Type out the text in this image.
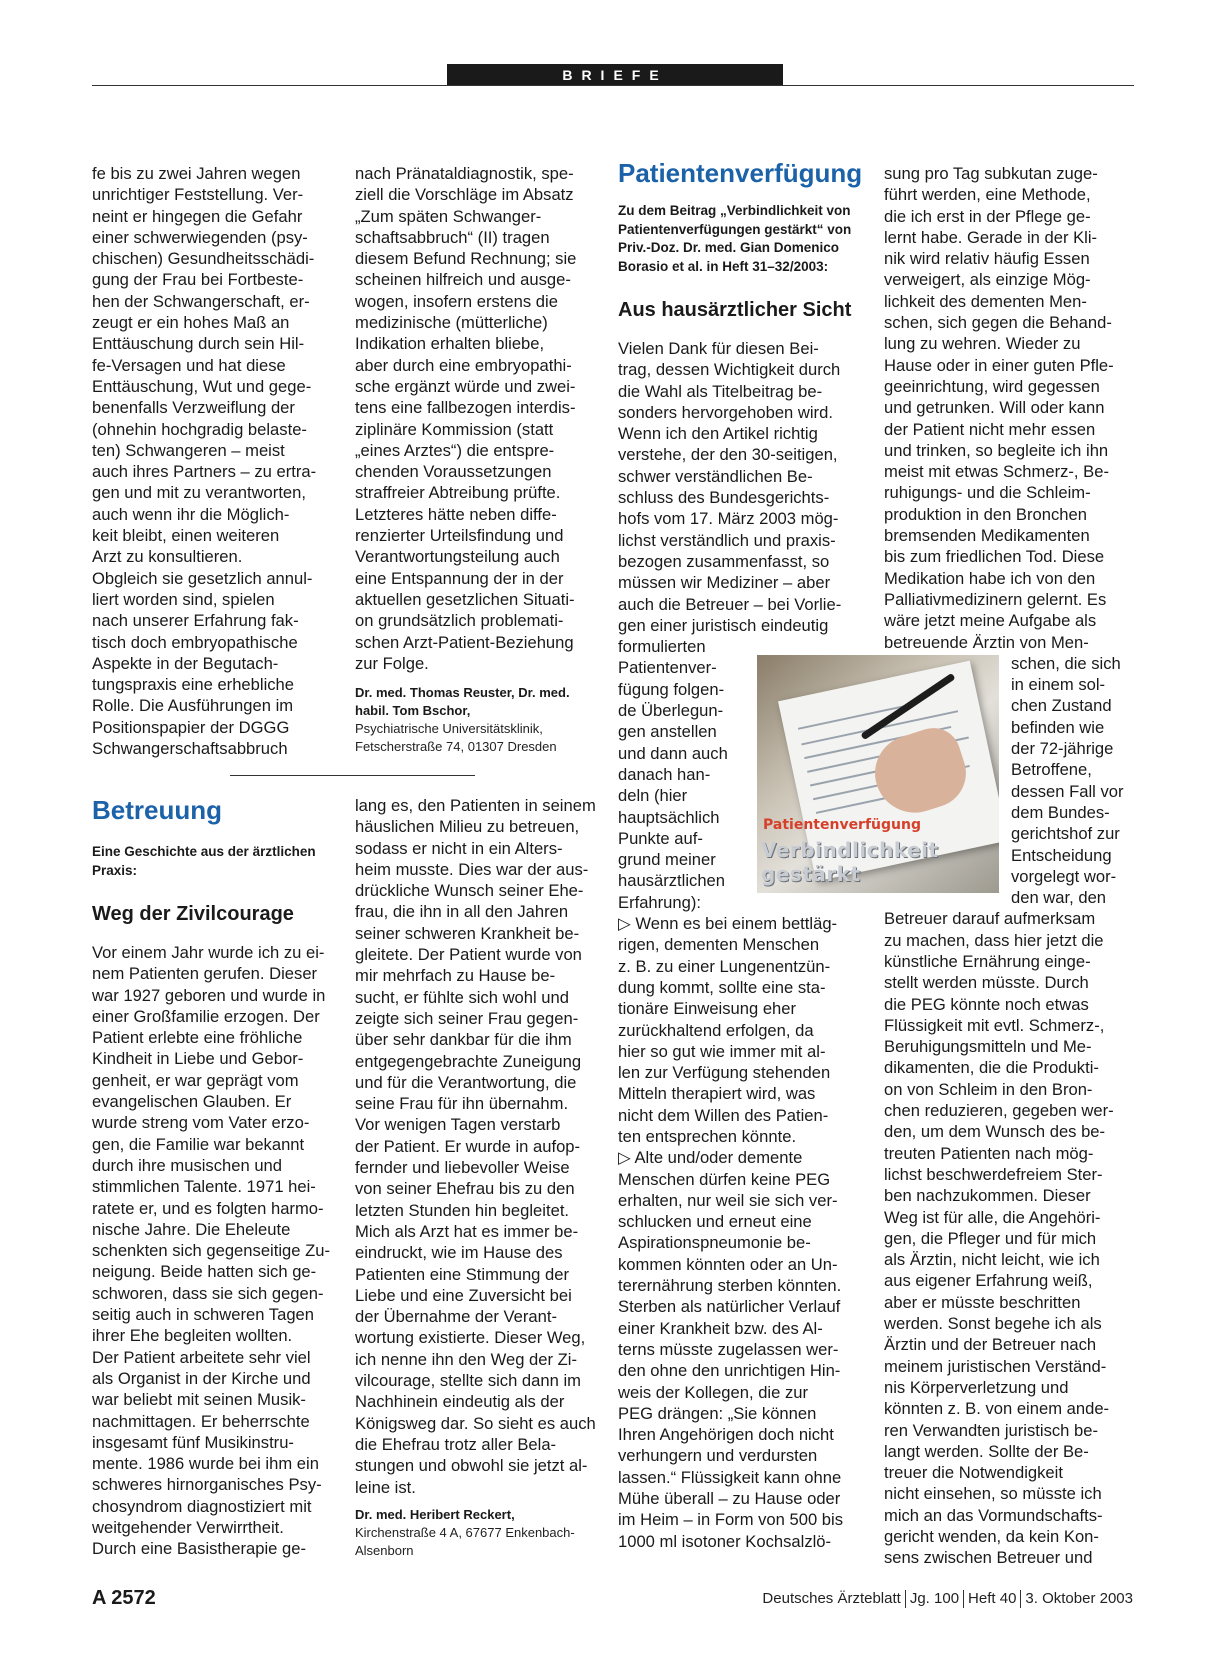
BRIEFE

fe bis zu zwei Jahren wegen
unrichtiger Feststellung. Ver-
neint er hingegen die Gefahr
einer schwerwiegenden (psy-
chischen) Gesundheitsschädi-
gung der Frau bei Fortbeste-
hen der Schwangerschaft, er-
zeugt er ein hohes Maß an
Enttäuschung durch sein Hil-
fe-Versagen und hat diese
Enttäuschung, Wut und gege-
benenfalls Verzweiflung der
(ohnehin hochgradig belaste-
ten) Schwangeren – meist
auch ihres Partners – zu ertra-
gen und mit zu verantworten,
auch wenn ihr die Möglich-
keit bleibt, einen weiteren
Arzt zu konsultieren.
Obgleich sie gesetzlich annul-
liert worden sind, spielen
nach unserer Erfahrung fak-
tisch doch embryopathische
Aspekte in der Begutach-
tungspraxis eine erhebliche
Rolle. Die Ausführungen im
Positionspapier der DGGG
Schwangerschaftsabbruch

nach Pränataldiagnostik, spe-
ziell die Vorschläge im Absatz
„Zum späten Schwanger-
schaftsabbruch“ (II) tragen
diesem Befund Rechnung; sie
scheinen hilfreich und ausge-
wogen, insofern erstens die
medizinische (mütterliche)
Indikation erhalten bliebe,
aber durch eine embryopathi-
sche ergänzt würde und zwei-
tens eine fallbezogen interdis-
ziplinäre Kommission (statt
„eines Arztes“) die entspre-
chenden Voraussetzungen
straffreier Abtreibung prüfte.
Letzteres hätte neben diffe-
renzierter Urteilsfindung und
Verantwortungsteilung auch
eine Entspannung der in der
aktuellen gesetzlichen Situati-
on grundsätzlich problemati-
schen Arzt-Patient-Beziehung
zur Folge.

Dr. med. Thomas Reuster, Dr. med.
habil. Tom Bschor,

Psychiatrische Universitätsklinik,
Fetscherstraße 74, 01307 Dresden

Betreuung

Eine Geschichte aus der ärztlichen
Praxis:

Weg der Zivilcourage

Vor einem Jahr wurde ich zu ei-
nem Patienten gerufen. Dieser
war 1927 geboren und wurde in
einer Großfamilie erzogen. Der
Patient erlebte eine fröhliche
Kindheit in Liebe und Gebor-
genheit, er war geprägt vom
evangelischen Glauben. Er
wurde streng vom Vater erzo-
gen, die Familie war bekannt
durch ihre musischen und
stimmlichen Talente. 1971 hei-
ratete er, und es folgten harmo-
nische Jahre. Die Eheleute
schenkten sich gegenseitige Zu-
neigung. Beide hatten sich ge-
schworen, dass sie sich gegen-
seitig auch in schweren Tagen
ihrer Ehe begleiten wollten.
Der Patient arbeitete sehr viel
als Organist in der Kirche und
war beliebt mit seinen Musik-
nachmittagen. Er beherrschte
insgesamt fünf Musikinstru-
mente. 1986 wurde bei ihm ein
schweres hirnorganisches Psy-
chosyndrom diagnostiziert mit
weitgehender Verwirrtheit.
Durch eine Basistherapie ge-

lang es, den Patienten in seinem
häuslichen Milieu zu betreuen,
sodass er nicht in ein Alters-
heim musste. Dies war der aus-
drückliche Wunsch seiner Ehe-
frau, die ihn in all den Jahren
seiner schweren Krankheit be-
gleitete. Der Patient wurde von
mir mehrfach zu Hause be-
sucht, er fühlte sich wohl und
zeigte sich seiner Frau gegen-
über sehr dankbar für die ihm
entgegengebrachte Zuneigung
und für die Verantwortung, die
seine Frau für ihn übernahm.
Vor wenigen Tagen verstarb
der Patient. Er wurde in aufop-
fernder und liebevoller Weise
von seiner Ehefrau bis zu den
letzten Stunden hin begleitet.
Mich als Arzt hat es immer be-
eindruckt, wie im Hause des
Patienten eine Stimmung der
Liebe und eine Zuversicht bei
der Übernahme der Verant-
wortung existierte. Dieser Weg,
ich nenne ihn den Weg der Zi-
vilcourage, stellte sich dann im
Nachhinein eindeutig als der
Königsweg dar. So sieht es auch
die Ehefrau trotz aller Bela-
stungen und obwohl sie jetzt al-
leine ist.

Dr. med. Heribert Reckert,

Kirchenstraße 4 A, 67677 Enkenbach-
Alsenborn

Patientenverfügung

Zu dem Beitrag „Verbindlichkeit von
Patientenverfügungen gestärkt“ von
Priv.-Doz. Dr. med. Gian Domenico
Borasio et al. in Heft 31–32/2003:

Aus hausärztlicher Sicht

Vielen Dank für diesen Bei-
trag, dessen Wichtigkeit durch
die Wahl als Titelbeitrag be-
sonders hervorgehoben wird.
Wenn ich den Artikel richtig
verstehe, der den 30-seitigen,
schwer verständlichen Be-
schluss des Bundesgerichts-
hofs vom 17. März 2003 mög-
lichst verständlich und praxis-
bezogen zusammenfasst, so
müssen wir Mediziner – aber
auch die Betreuer – bei Vorlie-
gen einer juristisch eindeutig

formulierten
Patientenver-
fügung folgen-
de Überlegun-
gen anstellen
und dann auch
danach han-
deln (hier
hauptsächlich
Punkte auf-
grund meiner
hausärztlichen
Erfahrung):

▷ Wenn es bei einem bettläg-
rigen, dementen Menschen
z. B. zu einer Lungenentzün-
dung kommt, sollte eine sta-
tionäre Einweisung eher
zurückhaltend erfolgen, da
hier so gut wie immer mit al-
len zur Verfügung stehenden
Mitteln therapiert wird, was
nicht dem Willen des Patien-
ten entsprechen könnte.
▷ Alte und/oder demente
Menschen dürfen keine PEG
erhalten, nur weil sie sich ver-
schlucken und erneut eine
Aspirationspneumonie be-
kommen könnten oder an Un-
terernährung sterben könnten.
Sterben als natürlicher Verlauf
einer Krankheit bzw. des Al-
terns müsste zugelassen wer-
den ohne den unrichtigen Hin-
weis der Kollegen, die zur
PEG drängen: „Sie können
Ihren Angehörigen doch nicht
verhungern und verdursten
lassen.“ Flüssigkeit kann ohne
Mühe überall – zu Hause oder
im Heim – in Form von 500 bis
1000 ml isotoner Kochsalzlö-

Patientenverfügung
Verbindlichkeit gestärkt

sung pro Tag subkutan zuge-
führt werden, eine Methode,
die ich erst in der Pflege ge-
lernt habe. Gerade in der Kli-
nik wird relativ häufig Essen
verweigert, als einzige Mög-
lichkeit des dementen Men-
schen, sich gegen die Behand-
lung zu wehren. Wieder zu
Hause oder in einer guten Pfle-
geeinrichtung, wird gegessen
und getrunken. Will oder kann
der Patient nicht mehr essen
und trinken, so begleite ich ihn
meist mit etwas Schmerz-, Be-
ruhigungs- und die Schleim-
produktion in den Bronchen
bremsenden Medikamenten
bis zum friedlichen Tod. Diese
Medikation habe ich von den
Palliativmedizinern gelernt. Es
wäre jetzt meine Aufgabe als
betreuende Ärztin von Men-

schen, die sich
in einem sol-
chen Zustand
befinden wie
der 72-jährige
Betroffene,
dessen Fall vor
dem Bundes-
gerichtshof zur
Entscheidung
vorgelegt wor-
den war, den

Betreuer darauf aufmerksam
zu machen, dass hier jetzt die
künstliche Ernährung einge-
stellt werden müsste. Durch
die PEG könnte noch etwas
Flüssigkeit mit evtl. Schmerz-,
Beruhigungsmitteln und Me-
dikamenten, die die Produkti-
on von Schleim in den Bron-
chen reduzieren, gegeben wer-
den, um dem Wunsch des be-
treuten Patienten nach mög-
lichst beschwerdefreiem Ster-
ben nachzukommen. Dieser
Weg ist für alle, die Angehöri-
gen, die Pfleger und für mich
als Ärztin, nicht leicht, wie ich
aus eigener Erfahrung weiß,
aber er müsste beschritten
werden. Sonst begehe ich als
Ärztin und der Betreuer nach
meinem juristischen Verständ-
nis Körperverletzung und
könnten z. B. von einem ande-
ren Verwandten juristisch be-
langt werden. Sollte der Be-
treuer die Notwendigkeit
nicht einsehen, so müsste ich
mich an das Vormundschafts-
gericht wenden, da kein Kon-
sens zwischen Betreuer und

A 2572	Deutsches Ärzteblatt Jg. 100 Heft 40 3. Oktober 2003
